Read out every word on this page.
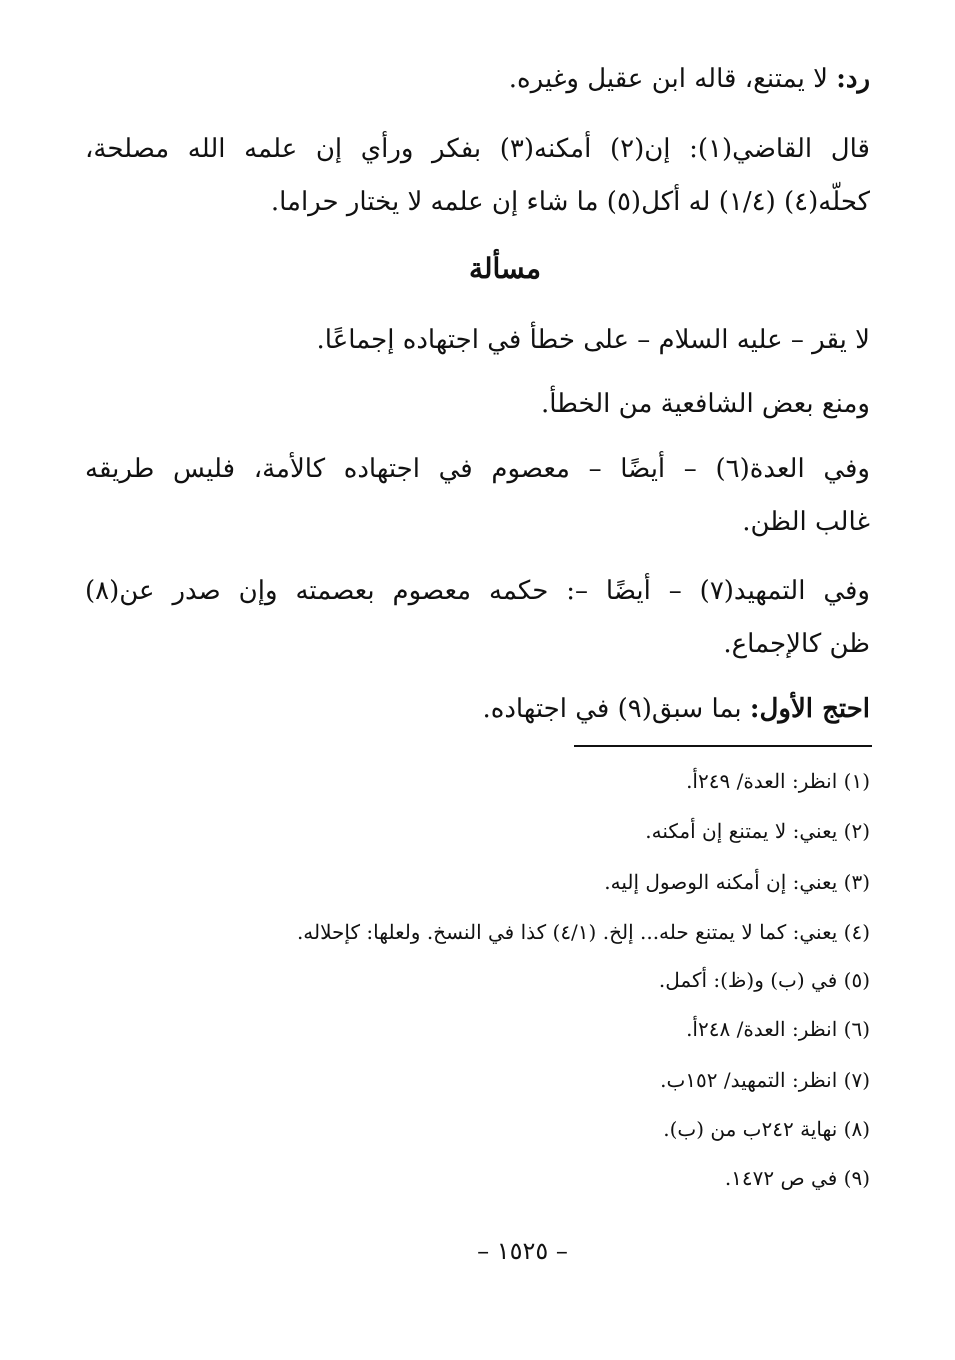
رد: لا يمتنع، قاله ابن عقيل وغيره.
قال القاضي(١): إن(٢) أمكنه(٣) بفكر ورأي إن علمه الله مصلحة،
كحلّه(٤) (١/٤) له أكل(٥) ما شاء إن علمه لا يختار حراما.
مسألة
لا يقر – عليه السلام – على خطأ في اجتهاده إجماعًا.
ومنع بعض الشافعية من الخطأ.
وفي العدة(٦) – أيضًا – معصوم في اجتهاده كالأمة، فليس طريقه
غالب الظن.
وفي التمهيد(٧) – أيضًا –: حكمه معصوم بعصمته وإن صدر عن(٨)
ظن كالإجماع.
احتج الأول: بما سبق(٩) في اجتهاده.
(١) انظر: العدة/ ٢٤٩أ.
(٢) يعني: لا يمتنع إن أمكنه.
(٣) يعني: إن أمكنه الوصول إليه.
(٤) يعني: كما لا يمتنع حله... إلخ. (٤/١) كذا في النسخ. ولعلها: كإحلاله.
(٥) في (ب) و(ظ): أكمل.
(٦) انظر: العدة/ ٢٤٨أ.
(٧) انظر: التمهيد/ ١٥٢ب.
(٨) نهاية ٢٤٢ب من (ب).
(٩) في ص ١٤٧٢.
– ١٥٢٥ –
